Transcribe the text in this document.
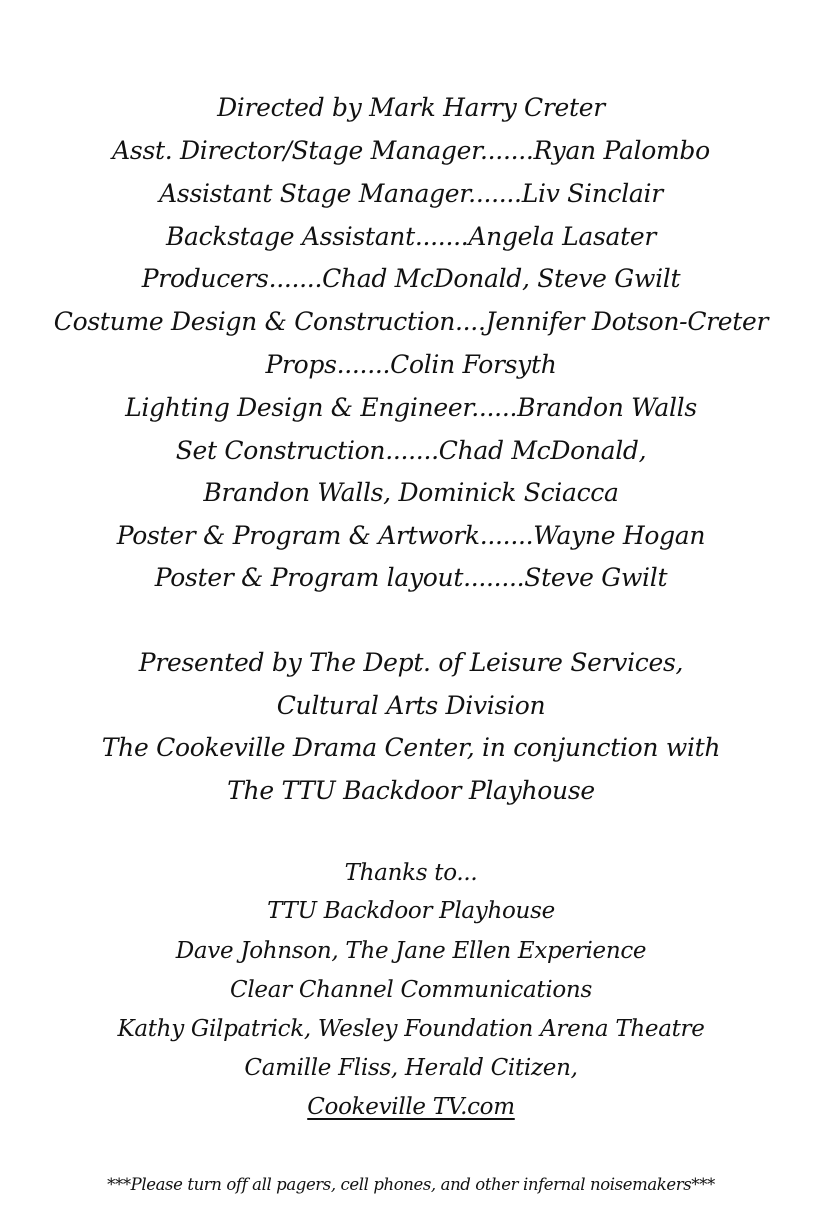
Directed by Mark Harry Creter
Asst. Director/Stage Manager.......Ryan Palombo
Assistant Stage Manager.......Liv Sinclair
Backstage Assistant.......Angela Lasater
Producers.......Chad McDonald, Steve Gwilt
Costume Design & Construction....Jennifer Dotson-Creter
Props.......Colin Forsyth
Lighting Design & Engineer......Brandon Walls
Set Construction.......Chad McDonald,
Brandon Walls, Dominick Sciacca
Poster & Program & Artwork.......Wayne Hogan
Poster & Program layout........Steve Gwilt
Presented by The Dept. of Leisure Services,
Cultural Arts Division
The Cookeville Drama Center, in conjunction with
The TTU Backdoor Playhouse
Thanks to...
TTU Backdoor Playhouse
Dave Johnson, The Jane Ellen Experience
Clear Channel Communications
Kathy Gilpatrick, Wesley Foundation Arena Theatre
Camille Fliss, Herald Citizen,
Cookeville TV.com
***Please turn off all pagers, cell phones, and other infernal noisemakers***
